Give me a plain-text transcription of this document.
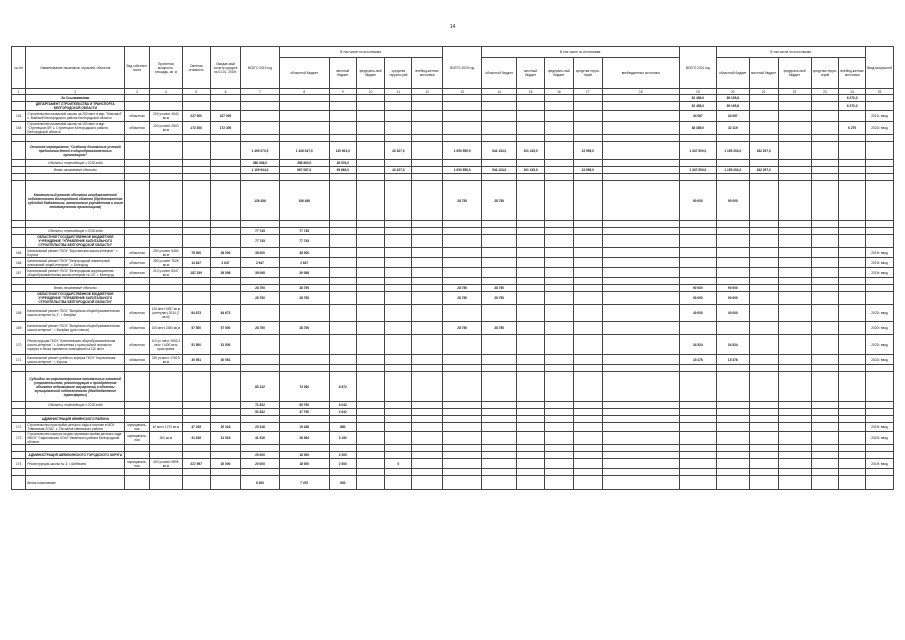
14
№ п/п	Наименование заказчиков, отраслей, объектов	Вид собствен-ности	Проектная мощность, площадь, кв. м	Сметная стоимость	Ожидае-мый остаток средств на 01.01. 2019г.	ВСЕГО 2019 год	В том числе по источникам:					ВСЕГО 2020 год	В том числе по источникам:					ВСЕГО 2021 год	В том числе по источникам:					Ввод мощностей
							областной бюджет	местный бюджет	федераль-ный бюджет	средства террито-рий	внебюд-жетные источники		областной бюджет	местный бюджет	федераль-ный бюджет	средства терри-торий	внебюджетные источники		областной бюджет	местный бюджет	федераль-ный бюджет	средства терри-торий	внебюд-жетные источники	
1	2	3	4	5	6	7	8	9	10	11	12	13	14	15	16	17	18	19	20	21	22	23	24	25
	За Ссылками/ями																	52 456,0	59 195,8				6 270,0	
	ДЕПАРТАМЕНТ СТРОИТЕЛЬСТВА И ТРАНСПОРТА БЕЛГОРОДСКОЙ ОБЛАСТИ																	52 456,0	59 195,8				6 270,0	
163	Строительство начальной школы на 200 мест в мкр. "Массив-6" с. Майский Белгородского района Белгородской области	областная	200 уч.мест 4540 кв.м	227 000	227 000													34 067	34 067					2021г. ввод
164	Строительство начальной школы на 100 мест в мкр. "Стрелецкое-59" с. Стрелецкое Белгородского района Белгородской области	областная	100 уч.мест 2800 кв.м	172 300	172 300													38 389,0	32 119				6 270	2022г. ввод

	Основное мероприятие "Создание безопасных условий пребывания детей в общеобразовательных организациях"					1 490 070,0	1 326 047,0	120 601,0		43 327,0		1 050 555,0	944 134,0	101 415,0		13 959,0		1 347 500,0	1 155 203,0	182 297,0				
	Объекты, переходящие с 2018 года					380 936,0	358 960,0	26 976,0																
	Вновь начинаемые объекты					1 109 944,0	967 087,0	99 663,0		43 327,0		1 050 555,0	944 134,0	101 415,0		13 959,0		1 347 500,0	1 155 203,0	182 297,0				

	Капитальный ремонт объектов государственной собственности Белгородской области (Предоставление субсидий бюджетным, автономным учреждениям и иным некоммерческим организациям)					126 456	106 456					28 750	28 750					90 000	90 000					

	Объекты, переходящие с 2018 года					77 745	77 745																	
	ОБЛАСТНОЕ ГОСУДАРСТВЕННОЕ БЮДЖЕТНОЕ УЧРЕЖДЕНИЕ "УПРАВЛЕНИЕ КАПИТАЛЬНОГО СТРОИТЕЛЬСТВА БЕЛГОРОДСКОЙ ОБЛАСТИ"					77 745	77 745																	
165	Капитальный ремонт ГБОУ "Корочанская школа-интернат", г. Короча	областная	250 уч.мест 5480 кв.м	75 000	38 000	38 000	38 000																	2019г. ввод
166	Капитальный ремонт ГБОУ "Белгородский инженерный юношеский лицей-интернат", г. Белгород	областная	280 уч.мест 7628 кв.м	14 647	2 647	2 647	2 647																	2019г. ввод
167	Капитальный ремонт ГБОУ "Белгородская коррекционная общеобразовательная школа-интернат № 23", г. Белгород	областная	210 уч.мест 8347 кв.м	187 239	39 098	39 098	39 098																	2019г. ввод

	Вновь начинаемые объекты					28 750	28 750					28 750	28 750					90 000	90 000					
	ОБЛАСТНОЕ ГОСУДАРСТВЕННОЕ БЮДЖЕТНОЕ УЧРЕЖДЕНИЕ "УПРАВЛЕНИЕ КАПИТАЛЬНОГО СТРОИТЕЛЬСТВА БЕЛГОРОДСКОЙ ОБЛАСТИ"					28 750	28 750					28 750	28 750					90 000	90 000					
168	Капитальный ремонт ГБОУ "Валуйская общеобразовательная школа-интернат № 1", г. Валуйки	областная	120 мест 3397 кв.м (интернат) 2034 (7 кв.м)	84 673	84 673													40 000	40 000					2022г. ввод
169	Капитальный ремонт ГБОУ "Валуйская общеобразовательная школа-интернат", г. Валуйки (для слепых)	областная	100 мест 2360 кв.м	57 500	57 500	28 750	28 750					28 750	28 750											2020г. ввод
170	Реконструкция ГБОУ "Алексеевская общеобразовательная школа-интернат", г. Алексеевка с пристройкой спального корпуса и блока приемного помещения на 110 мест	областная	110 уч. мест 2652,4 кв.м +1400 кв.м пристройка	51 500	51 500													34 524	34 524					2022г. ввод
171	Капитальный ремонт учебного корпуса ГБОУ "Корочанская школа-интернат", г. Короча	областная	220 уч.мест 1740,5 кв.м	30 951	30 951													15 476	15 476					2022г. ввод

	Субсидии на софинансирование капитальных вложений (строительство, реконструкция и приобретение объектов недвижимого имущества) в объекты муниципальной собственности (Межбюджетные трансферты)					80 132	73 260	6 872																
	Объекты, переходящие с 2018 года					71 832	65 790	6 042																
						51 832	47 790	4 042																
	АДМИНИСТРАЦИЯ ИВНЯНСКОГО РАЙОНА																							
172	Строительство пристройки детского сада в поселке в МОУ "Ивнянская СОШ", с. Песчаное Ивнянского района	муниципаль-ная	40 мест 1270 кв.м	37 245	20 316	20 316	19 436	880																2019г. ввод
173	Строительство корпуса на два групповых ячейки детского сада МБОУ "Сафоновская ООШ" Ивнянского района Белгородской области	муниципаль-ная	500 кв.м	31 516	31 516	31 516	28 364	3 152																2020г. ввод

	АДМИНИСТРАЦИЯ ШЕБЕКИНСКОГО ГОРОДСКОГО ОКРУГА					20 000	18 000	2 000																
174	Реконструкция школы № 3, г. Шебекино	муниципаль-ная	430 уч.мест 6895 кв.м	227 597	20 000	20 000	18 000	2 000		0														2019г. ввод

	Вновь начинаемые					8 300	7 470	830																
